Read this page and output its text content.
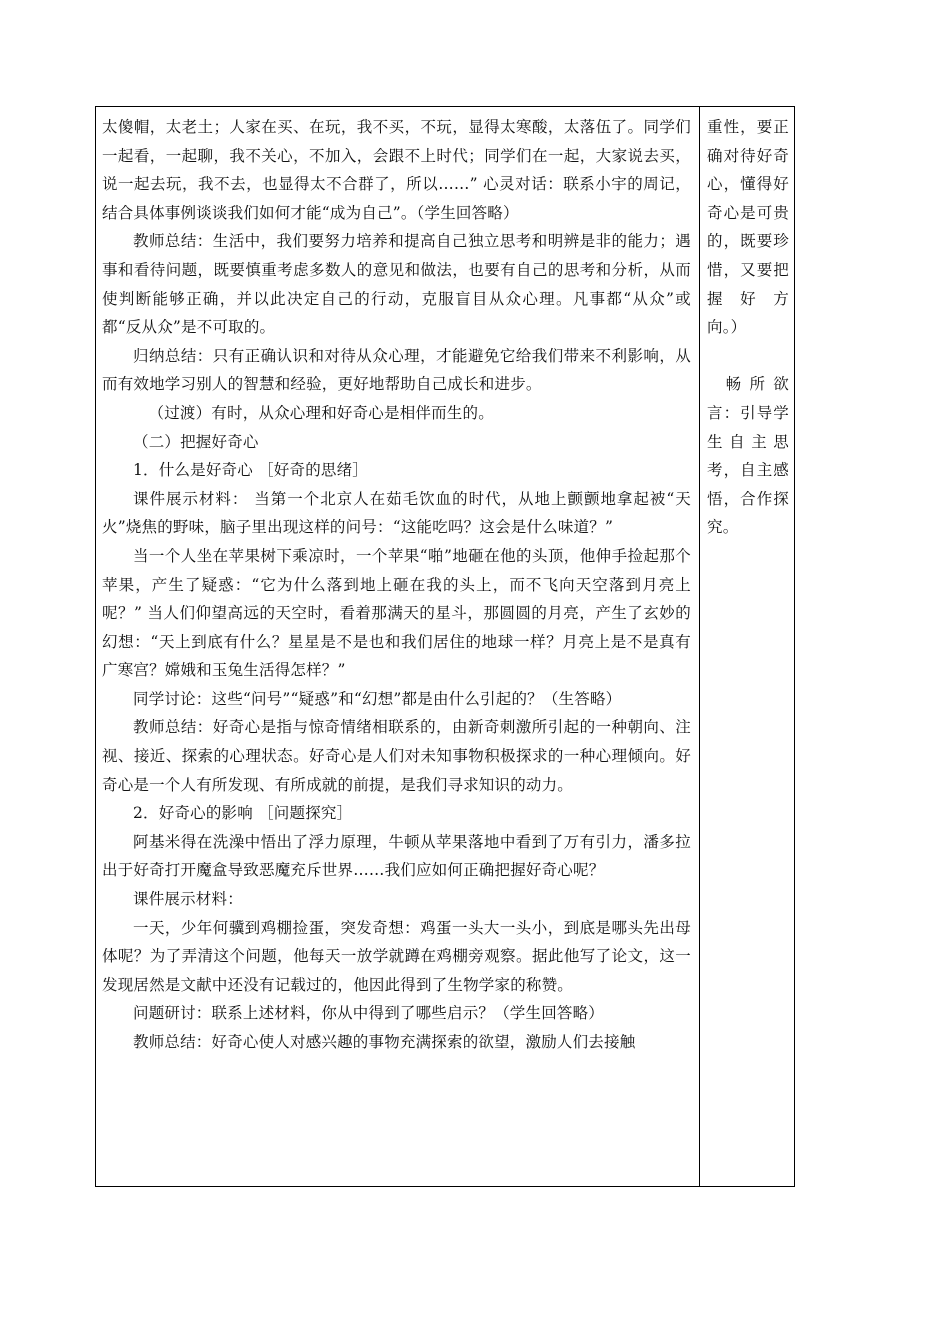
太傻帽，太老土；人家在买、在玩，我不买，不玩，显得太寒酸，太落伍了。同学们一起看，一起聊，我不关心，不加入，会跟不上时代；同学们在一起，大家说去买，说一起去玩，我不去，也显得太不合群了，所以……” 心灵对话：联系小宇的周记，结合具体事例谈谈我们如何才能“成为自己”。（学生回答略）

教师总结：生活中，我们要努力培养和提高自己独立思考和明辨是非的能力；遇事和看待问题，既要慎重考虑多数人的意见和做法，也要有自己的思考和分析，从而使判断能够正确，并以此决定自己的行动，克服盲目从众心理。凡事都“从众”或都“反从众”是不可取的。

归纳总结：只有正确认识和对待从众心理，才能避免它给我们带来不利影响，从而有效地学习别人的智慧和经验，更好地帮助自己成长和进步。

（过渡）有时，从众心理和好奇心是相伴而生的。

（二）把握好奇心

1．什么是好奇心 ［好奇的思绪］

课件展示材料： 当第一个北京人在茹毛饮血的时代，从地上颤颤地拿起被“天火”烧焦的野味，脑子里出现这样的问号：“这能吃吗？这会是什么味道？”

当一个人坐在苹果树下乘凉时，一个苹果“啪”地砸在他的头顶，他伸手捡起那个苹果，产生了疑惑：“它为什么落到地上砸在我的头上，而不飞向天空落到月亮上呢？” 当人们仰望高远的天空时，看着那满天的星斗，那圆圆的月亮，产生了玄妙的幻想：“天上到底有什么？星星是不是也和我们居住的地球一样？月亮上是不是真有广寒宫？嫦娥和玉兔生活得怎样？”

同学讨论：这些“问号”“疑惑”和“幻想”都是由什么引起的？（生答略）

教师总结：好奇心是指与惊奇情绪相联系的，由新奇刺激所引起的一种朝向、注视、接近、探索的心理状态。好奇心是人们对未知事物积极探求的一种心理倾向。好奇心是一个人有所发现、有所成就的前提，是我们寻求知识的动力。

2．好奇心的影响 ［问题探究］

阿基米得在洗澡中悟出了浮力原理，牛顿从苹果落地中看到了万有引力，潘多拉出于好奇打开魔盒导致恶魔充斥世界……我们应如何正确把握好奇心呢？

课件展示材料：

一天，少年何骥到鸡棚捡蛋，突发奇想：鸡蛋一头大一头小，到底是哪头先出母体呢？为了弄清这个问题，他每天一放学就蹲在鸡棚旁观察。据此他写了论文，这一发现居然是文献中还没有记载过的，他因此得到了生物学家的称赞。

问题研讨：联系上述材料，你从中得到了哪些启示？（学生回答略）

教师总结：好奇心使人对感兴趣的事物充满探索的欲望，激励人们去接触

重性，要正确对待好奇心，懂得好奇心是可贵的，既要珍惜，又要把握　好　方向。）

畅所欲言：引导学生自主思考，自主感悟，合作探究。
